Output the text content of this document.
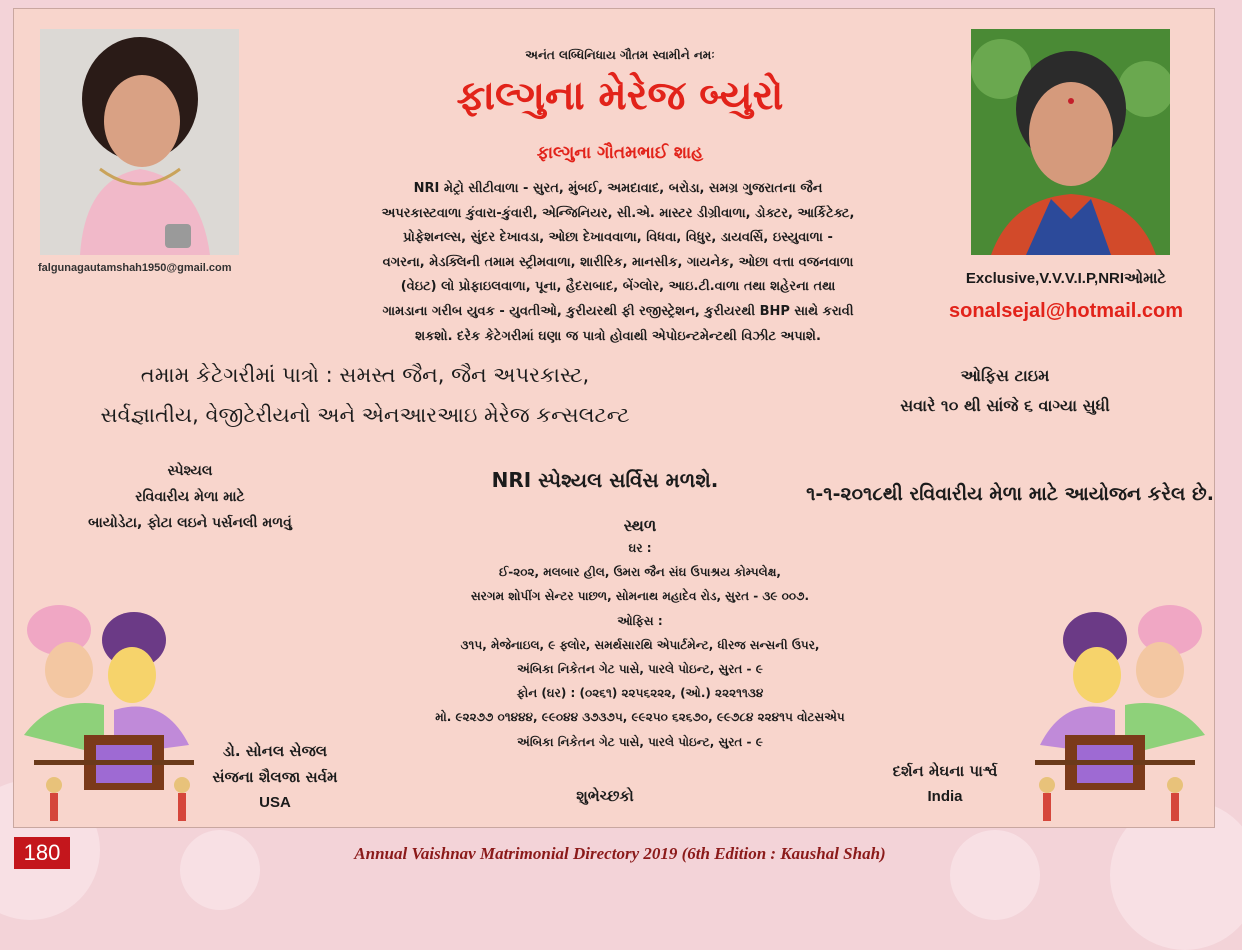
falgunagautamshah1950@gmail.com
Exclusive,V.V.V.I.P,NRIઓમાટે
sonalsejal@hotmail.com
અનંત લબ્ધિનિધાય ગૌતમ સ્વામીને નમઃ
ફાલ્ગુના મેરેજ બ્યુરો
ફાલ્ગુના ગૌતમભાઈ શાહ
NRI મેટ્રો સીટીવાળા - સુરત, મુંબઈ, અમદાવાદ, બરોડા, સમગ્ર ગુજરાતના જૈન
અપરકાસ્ટવાળા કુંવારા-કુંવારી, એન્જિનિયર, સી.એ. માસ્ટર ડીગ્રીવાળા, ડોક્ટર, આર્કિટેક્ટ,
પ્રોફેશનલ્સ, સુંદર દેખાવડા, ઓછા દેખાવવાળા, વિધવા, વિધુર, ડાયવર્સિ, ઇસ્યુવાળા -
વગરના, મેડક્લિની તમામ સ્ટ્રીમવાળા, શારીરિક, માનસીક, ગાયનેક, ઓછા વત્તા વજનવાળા
(વેઇટ) લો પ્રોફાઇલવાળા, પૂના, હૈદરાબાદ, બેંગ્લોર, આઇ.ટી.વાળા તથા શહેરના તથા
ગામડાના ગરીબ યુવક - યુવતીઓ, કુરીયરથી ફી રજીસ્ટ્રેશન, કુરીયરથી BHP સાથે કરાવી
શકશો. દરેક કેટેગરીમાં ઘણા જ પાત્રો હોવાથી એપોઇન્ટમેન્ટથી વિઝીટ અપાશે.
તમામ કેટેગરીમાં પાત્રો : સમસ્ત જૈન, જૈન અપરકાસ્ટ,
સર્વજ્ઞાતીય, વેજીટેરીયનો અને એનઆરઆઇ મેરેજ કન્સલટન્ટ
ઓફિસ ટાઇમ
સવારે ૧૦ થી સાંજે ૬ વાગ્યા સુધી
સ્પેશ્યલ
રવિવારીય મેળા માટે
બાયોડેટા, ફોટા લઇને પર્સનલી મળવું
NRI સ્પેશ્યલ સર્વિસ મળશે.
૧-૧-૨૦૧૮થી રવિવારીય મેળા માટે આયોજન કરેલ છે.
સ્થળ
ઘર :
ઈ-૨૦૨, મલબાર હીલ, ઉમરા જૈન સંઘ ઉપાશ્રય કોમ્પલેક્ષ,
સરગમ શોપીંગ સેન્ટર પાછળ, સોમનાથ મહાદેવ રોડ, સુરત - ૩૯ ૦૦૭.
ઓફિસ :
૩૧૫, મેજેનાઇલ, ૯ ફ્લોર, સમર્થસારથિ એપાર્ટમેન્ટ, ધીરજ સન્સની ઉપર,
અંબિકા નિકેતન ગેટ પાસે, પારલે પોઇન્ટ, સુરત - ૯
ફોન (ઘર) : (૦૨૬૧) ૨૨૫૬૨૨૨, (ઓ.) ૨૨૨૧૧૩૪
મો. ૯૨૨૭૭ ૦૧૪૪૪, ૯૯૦૪૪ ૩૭૩૭૫, ૯૯૨૫૦ ૬૨૬૭૦, ૯૯૭૮૪ ૨૨૪૧૫ વોટસએપ
અંબિકા નિકેતન ગેટ પાસે, પારલે પોઇન્ટ, સુરત - ૯
ડો. સોનલ સેજલ
સંજના શૈલજા સર્વમ
USA	શુભેચ્છકો
દર્શન મેઘના પાર્શ્વ
India
180	Annual Vaishnav Matrimonial Directory 2019 (6th Edition : Kaushal Shah)
